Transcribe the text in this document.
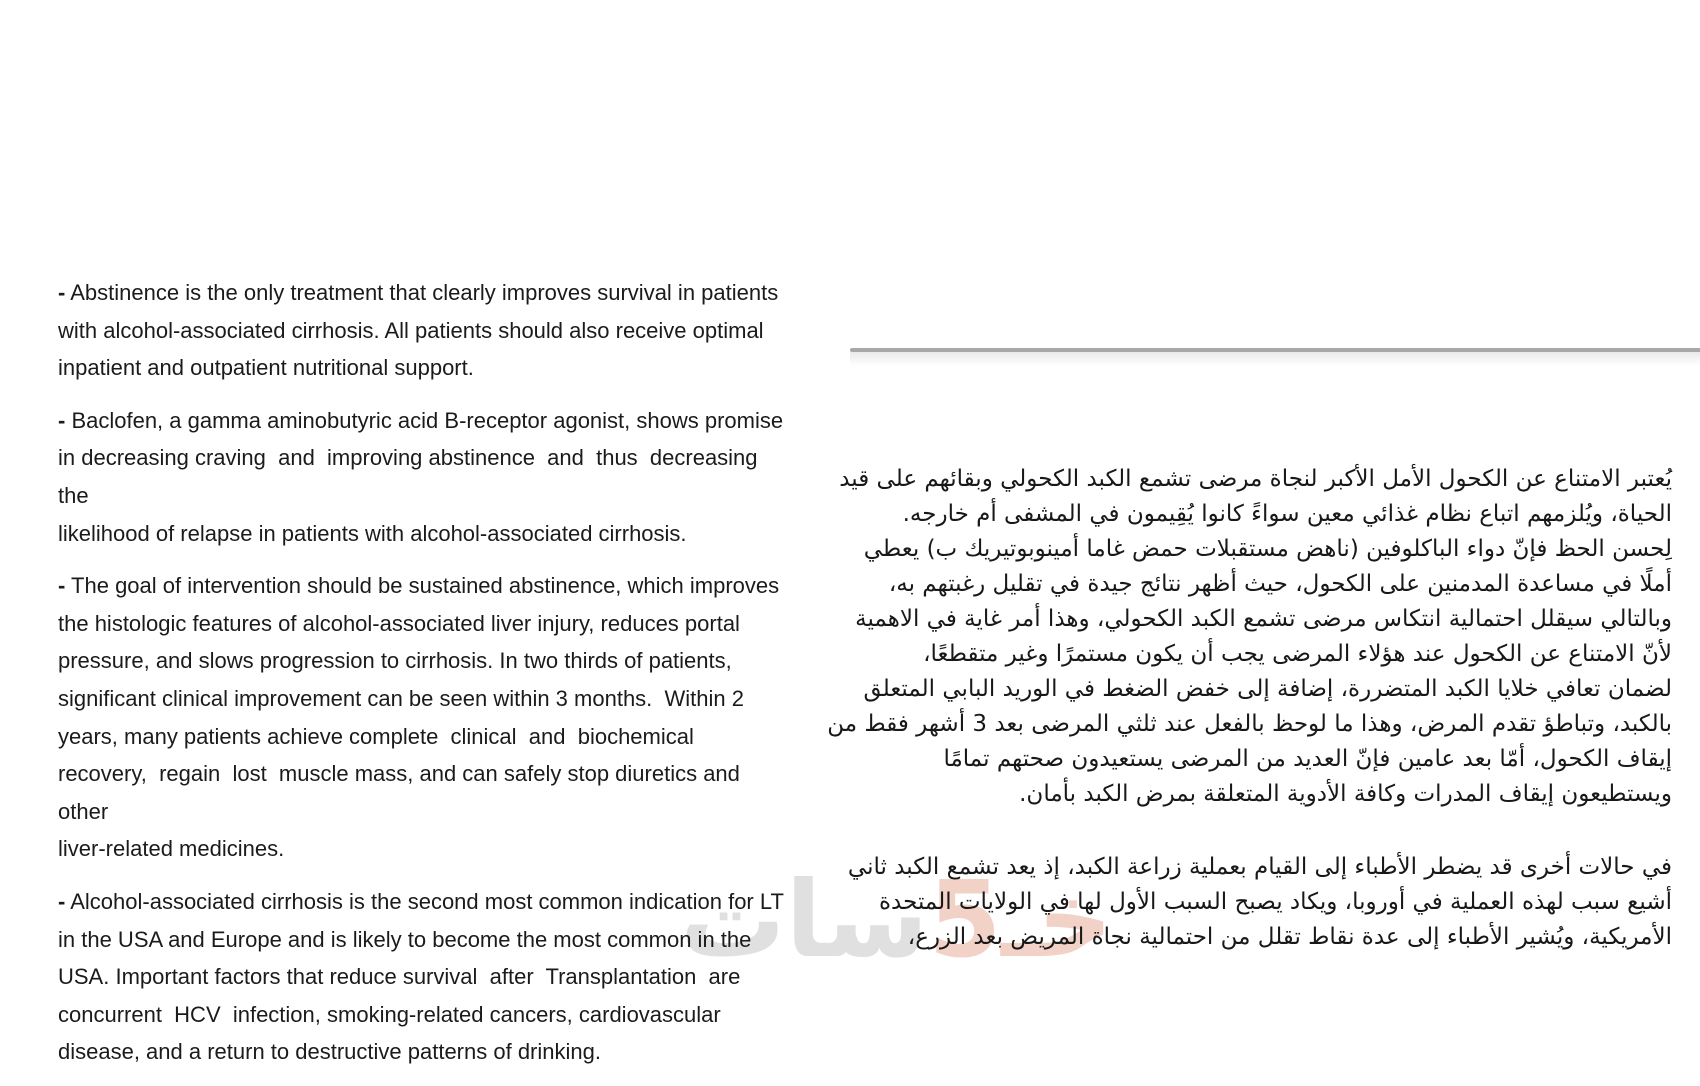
خـ5سات
- Abstinence is the only treatment that clearly improves survival in patients
with alcohol-associated cirrhosis. All patients should also receive optimal
inpatient and outpatient nutritional support.
- Baclofen, a gamma aminobutyric acid B-receptor agonist, shows promise
in decreasing craving  and  improving abstinence  and  thus  decreasing  the
likelihood of relapse in patients with alcohol-associated cirrhosis.
- The goal of intervention should be sustained abstinence, which improves
the histologic features of alcohol-associated liver injury, reduces portal
pressure, and slows progression to cirrhosis. In two thirds of patients,
significant clinical improvement can be seen within 3 months.  Within 2
years, many patients achieve complete  clinical  and  biochemical
recovery,  regain  lost  muscle mass, and can safely stop diuretics and other
liver-related medicines.
- Alcohol-associated cirrhosis is the second most common indication for LT
in the USA and Europe and is likely to become the most common in the
USA. Important factors that reduce survival  after  Transplantation  are
concurrent  HCV  infection, smoking-related cancers, cardiovascular
disease, and a return to destructive patterns of drinking.
يُعتبر الامتناع عن الكحول الأمل الأكبر لنجاة مرضى تشمع الكبد الكحولي وبقائهم على قيد
الحياة، ويُلزمهم اتباع نظام غذائي معين سواءً كانوا يُقِيمون في المشفى أم خارجه.
لِحسن الحظ فإنّ دواء الباكلوفين (ناهض مستقبلات حمض غاما أمينوبوتيريك ب) يعطي
أملًا في مساعدة المدمنين على الكحول، حيث أظهر نتائج جيدة في تقليل رغبتهم به،
وبالتالي سيقلل احتمالية انتكاس مرضى تشمع الكبد الكحولي، وهذا أمر غاية في الاهمية
لأنّ الامتناع عن الكحول عند هؤلاء المرضى يجب أن يكون مستمرًا وغير متقطعًا،
لضمان تعافي خلايا الكبد المتضررة، إضافة إلى خفض الضغط في الوريد البابي المتعلق
بالكبد، وتباطؤ تقدم المرض، وهذا ما لوحظ بالفعل عند ثلثي المرضى بعد 3 أشهر فقط من
إيقاف الكحول، أمّا بعد عامين فإنّ العديد من المرضى يستعيدون صحتهم تمامًا
ويستطيعون إيقاف المدرات وكافة الأدوية المتعلقة بمرض الكبد بأمان.
في حالات أخرى قد يضطر الأطباء إلى القيام بعملية زراعة الكبد، إذ يعد تشمع الكبد ثاني
أشيع سبب لهذه العملية في أوروبا، ويكاد يصبح السبب الأول لها في الولايات المتحدة
الأمريكية، ويُشير الأطباء إلى عدة نقاط تقلل من احتمالية نجاة المريض بعد الزرع،
